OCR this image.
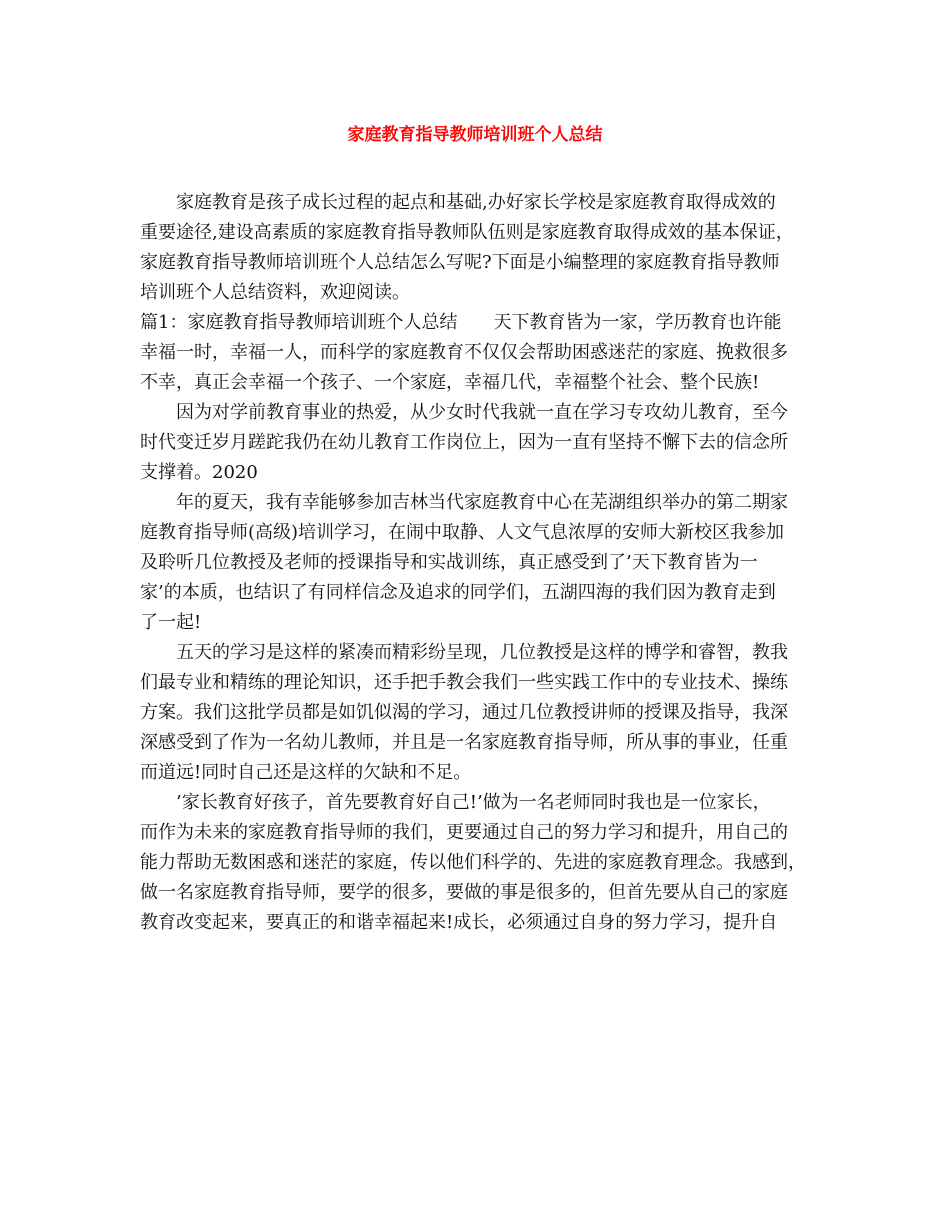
家庭教育指导教师培训班个人总结
家庭教育是孩子成长过程的起点和基础,办好家长学校是家庭教育取得成效的
重要途径,建设高素质的家庭教育指导教师队伍则是家庭教育取得成效的基本保证，
家庭教育指导教师培训班个人总结怎么写呢?下面是小编整理的家庭教育指导教师
培训班个人总结资料，欢迎阅读。
篇1：家庭教育指导教师培训班个人总结　　天下教育皆为一家，学历教育也许能
幸福一时，幸福一人，而科学的家庭教育不仅仅会帮助困惑迷茫的家庭、挽救很多
不幸，真正会幸福一个孩子、一个家庭，幸福几代，幸福整个社会、整个民族!
因为对学前教育事业的热爱，从少女时代我就一直在学习专攻幼儿教育，至今
时代变迁岁月蹉跎我仍在幼儿教育工作岗位上，因为一直有坚持不懈下去的信念所
支撑着。2020
年的夏天，我有幸能够参加吉林当代家庭教育中心在芜湖组织举办的第二期家
庭教育指导师(高级)培训学习，在闹中取静、人文气息浓厚的安师大新校区我参加
及聆听几位教授及老师的授课指导和实战训练，真正感受到了’天下教育皆为一
家’的本质，也结识了有同样信念及追求的同学们，五湖四海的我们因为教育走到
了一起!
五天的学习是这样的紧凑而精彩纷呈现，几位教授是这样的博学和睿智，教我
们最专业和精练的理论知识，还手把手教会我们一些实践工作中的专业技术、操练
方案。我们这批学员都是如饥似渴的学习，通过几位教授讲师的授课及指导，我深
深感受到了作为一名幼儿教师，并且是一名家庭教育指导师，所从事的事业，任重
而道远!同时自己还是这样的欠缺和不足。
’家长教育好孩子，首先要教育好自己!’做为一名老师同时我也是一位家长，
而作为未来的家庭教育指导师的我们，更要通过自己的努力学习和提升，用自己的
能力帮助无数困惑和迷茫的家庭，传以他们科学的、先进的家庭教育理念。我感到，
做一名家庭教育指导师，要学的很多，要做的事是很多的，但首先要从自己的家庭
教育改变起来，要真正的和谐幸福起来!成长，必须通过自身的努力学习，提升自
